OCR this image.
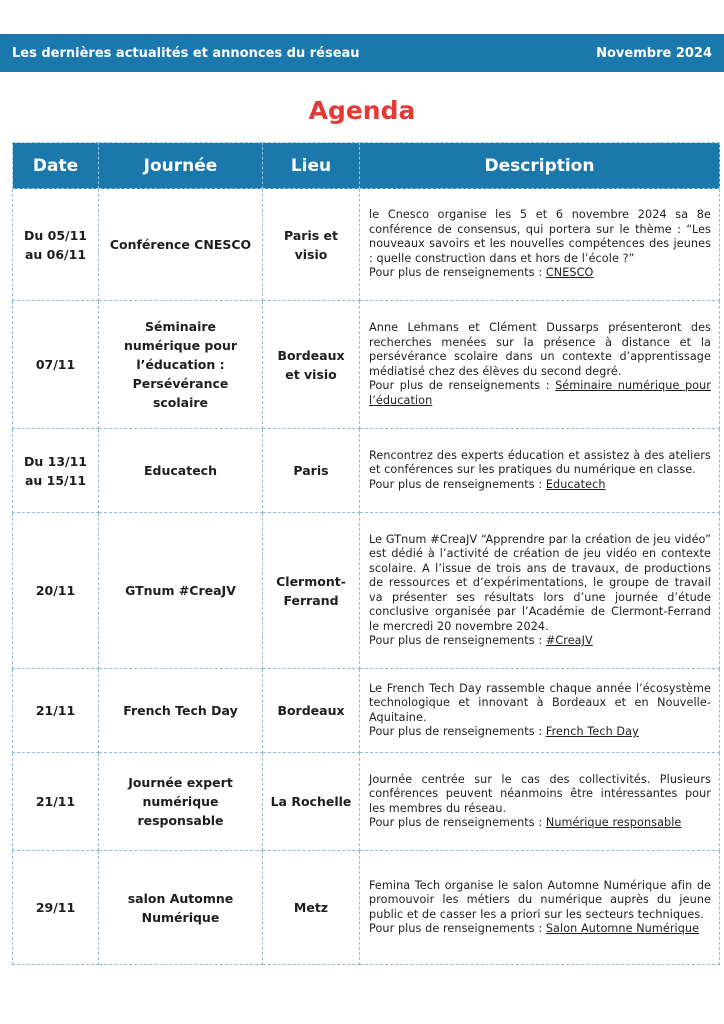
Les dernières actualités et annonces du réseau	Novembre 2024
Agenda
Date	Journée	Lieu	Description
Du 05/11 au 06/11	Conférence CNESCO	Paris et visio	le Cnesco organise les 5 et 6 novembre 2024 sa 8e conférence de consensus, qui portera sur le thème : “Les nouveaux savoirs et les nouvelles compétences des jeunes : quelle construction dans et hors de l’école ?”
Pour plus de renseignements : CNESCO

07/11	Séminaire numérique pour l’éducation : Persévérance scolaire	Bordeaux et visio	Anne Lehmans et Clément Dussarps présenteront des recherches menées sur la présence à distance et la persévérance scolaire dans un contexte d’apprentissage médiatisé chez des élèves du second degré.
Pour plus de renseignements : Séminaire numérique pour l’éducation

Du 13/11 au 15/11	Educatech	Paris	Rencontrez des experts éducation et assistez à des ateliers et conférences sur les pratiques du numérique en classe.
Pour plus de renseignements : Educatech

20/11	GTnum #CreaJV	Clermont-Ferrand	Le GTnum #CreaJV “Apprendre par la création de jeu vidéo” est dédié à l’activité de création de jeu vidéo en contexte scolaire. A l’issue de trois ans de travaux, de productions de ressources et d’expérimentations, le groupe de travail va présenter ses résultats lors d’une journée d’étude conclusive organisée par l’Académie de Clermont-Ferrand le mercredi 20 novembre 2024.
Pour plus de renseignements : #CreaJV

21/11	French Tech Day	Bordeaux	Le French Tech Day rassemble chaque année l’écosystème technologique et innovant à Bordeaux et en Nouvelle-Aquitaine.
Pour plus de renseignements : French Tech Day

21/11	Journée expert numérique responsable	La Rochelle	Journée centrée sur le cas des collectivités. Plusieurs conférences peuvent néanmoins être intéressantes pour les membres du réseau.
Pour plus de renseignements : Numérique responsable

29/11	salon Automne Numérique	Metz	Femina Tech organise le salon Automne Numérique afin de promouvoir les métiers du numérique auprès du jeune public et de casser les a priori sur les secteurs techniques.
Pour plus de renseignements : Salon Automne Numérique
